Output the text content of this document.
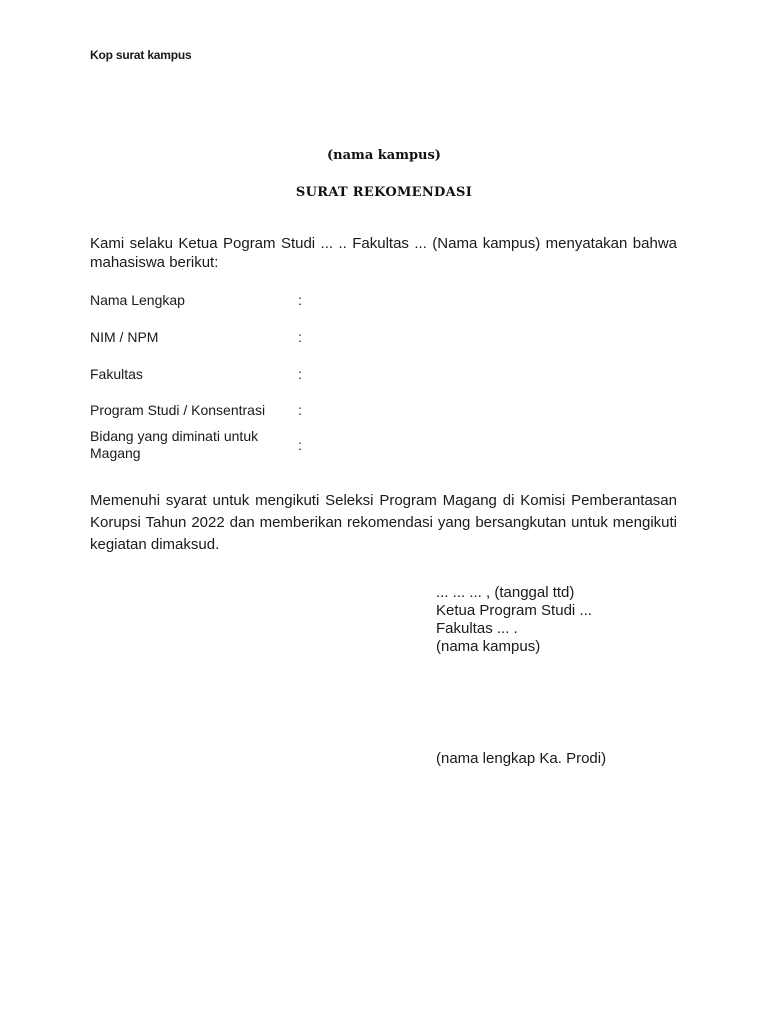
Kop surat kampus
(nama kampus)
SURAT REKOMENDASI
Kami selaku Ketua Pogram Studi ... .. Fakultas ... (Nama kampus) menyatakan bahwa mahasiswa berikut:
Nama Lengkap	:
NIM / NPM	:
Fakultas	:
Program Studi / Konsentrasi	:
Bidang yang diminati untuk Magang	:
Memenuhi syarat untuk mengikuti Seleksi Program Magang di Komisi Pemberantasan Korupsi Tahun 2022 dan memberikan rekomendasi yang bersangkutan untuk mengikuti kegiatan dimaksud.
... ... ... , (tanggal ttd)
Ketua Program Studi ...
Fakultas ... .
(nama kampus)
(nama lengkap Ka. Prodi)
